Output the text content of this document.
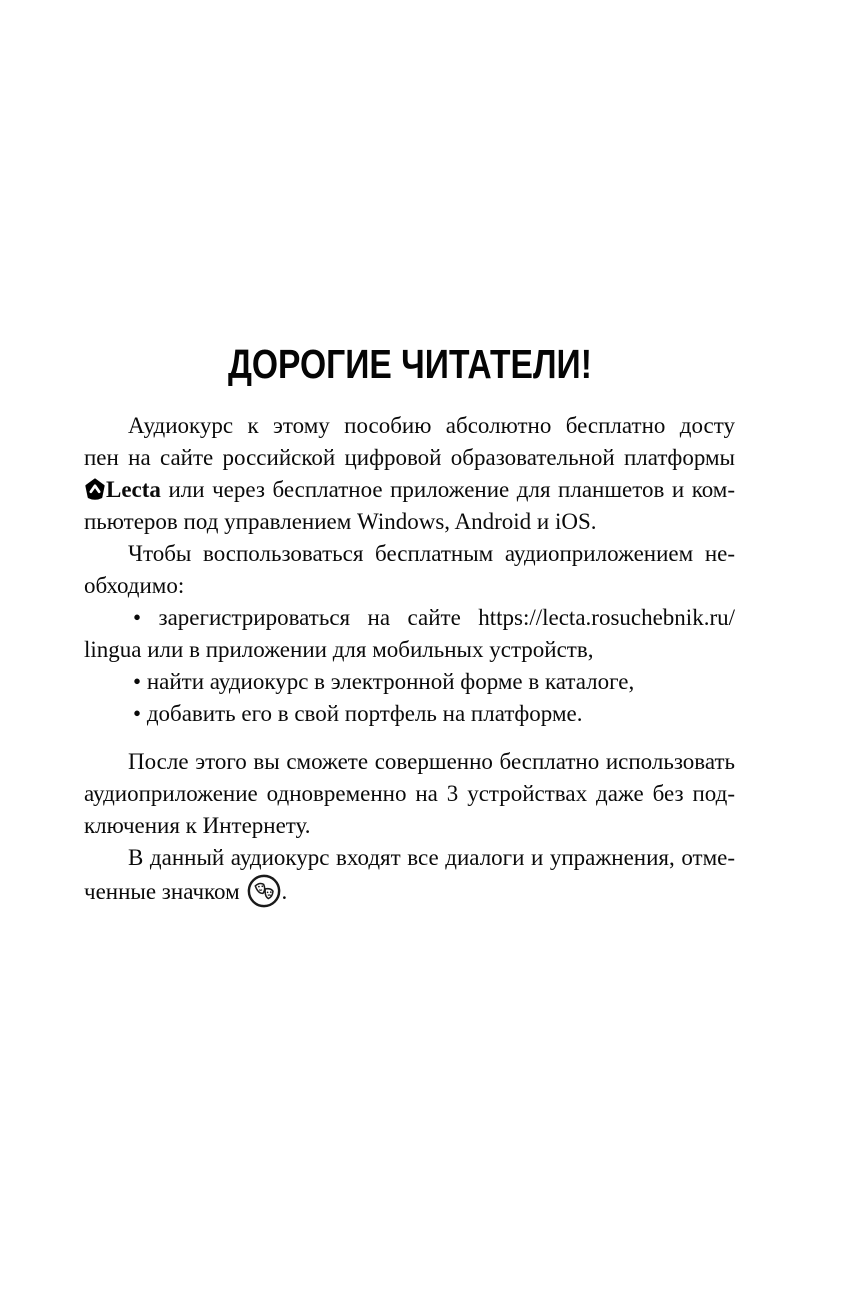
ДОРОГИЕ ЧИТАТЕЛИ!
Аудиокурс к этому пособию абсолютно бесплатно досту
пен на сайте российской цифровой образовательной платформы
Lecta или через бесплатное приложение для планшетов и ком-
пьютеров под управлением Windows, Android и iOS.
Чтобы воспользоваться бесплатным аудиоприложением не-
обходимо:
• зарегистрироваться на сайте https://lecta.rosuchebnik.ru/
lingua или в приложении для мобильных устройств,
• найти аудиокурс в электронной форме в каталоге,
• добавить его в свой портфель на платформе.
После этого вы сможете совершенно бесплатно использовать
аудиоприложение одновременно на 3 устройствах даже без под-
ключения к Интернету.
В данный аудиокурс входят все диалоги и упражнения, отме-
ченные значком .
